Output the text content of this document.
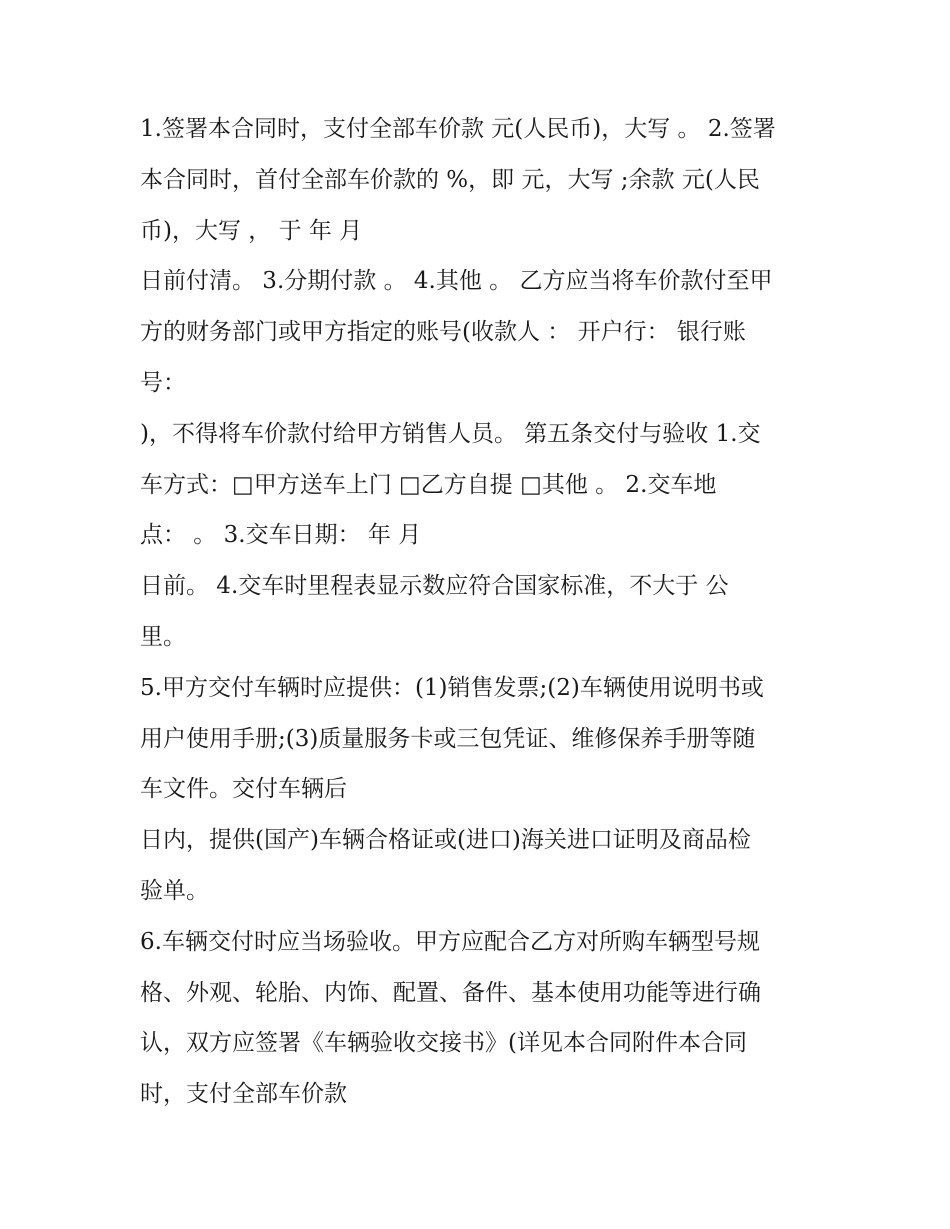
1.签署本合同时，支付全部车价款 元(人民币)，大写 。 2.签署
本合同时，首付全部车价款的 %，即 元，大写 ;余款 元(人民
币)，大写 ， 于 年 月
日前付清。 3.分期付款 。 4.其他 。 乙方应当将车价款付至甲
方的财务部门或甲方指定的账号(收款人 ： 开户行： 银行账
号：
)，不得将车价款付给甲方销售人员。 第五条交付与验收 1.交
车方式：□甲方送车上门 □乙方自提 □其他 。 2.交车地
点： 。 3.交车日期： 年 月
日前。 4.交车时里程表显示数应符合国家标准，不大于 公
里。
5.甲方交付车辆时应提供：(1)销售发票;(2)车辆使用说明书或
用户使用手册;(3)质量服务卡或三包凭证、维修保养手册等随
车文件。交付车辆后
日内，提供(国产)车辆合格证或(进口)海关进口证明及商品检
验单。
6.车辆交付时应当场验收。甲方应配合乙方对所购车辆型号规
格、外观、轮胎、内饰、配置、备件、基本使用功能等进行确
认，双方应签署《车辆验收交接书》(详见本合同附件本合同
时，支付全部车价款
